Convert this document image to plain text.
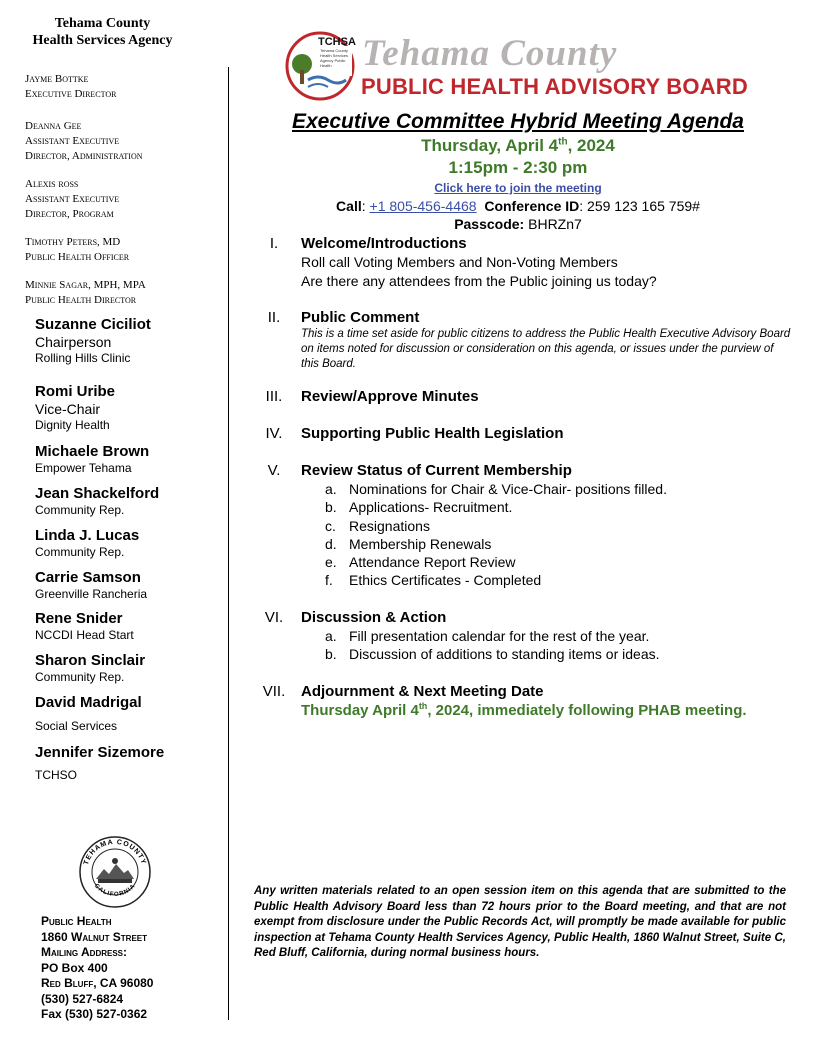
Tehama County
Health Services Agency
Jayme Bottke
Executive Director
Deanna Gee
Assistant Executive
Director, Administration
Alexis ross
Assistant Executive
Director, Program
Timothy Peters, MD
Public Health Officer
Minnie Sagar, MPH, MPA
Public Health Director
Suzanne Ciciliot
Chairperson
Rolling Hills Clinic
Romi Uribe
Vice-Chair
Dignity Health
Michaele Brown
Empower Tehama
Jean Shackelford
Community Rep.
Linda J. Lucas
Community Rep.
Carrie Samson
Greenville Rancheria
Rene Snider
NCCDI Head Start
Sharon Sinclair
Community Rep.
David Madrigal
Social Services
Jennifer Sizemore
TCHSO
TEHAMA COUNTY
CALIFORNIA
Public Health
1860 Walnut Street
Mailing Address:
PO Box 400
Red Bluff, CA 96080
(530) 527-6824
Fax (530) 527-0362
TCHSA
Tehama County Health Services Agency Public Health Tehama County
PUBLIC HEALTH ADVISORY BOARD
Executive Committee Hybrid Meeting Agenda
Thursday, April 4th, 2024
1:15pm - 2:30 pm
Click here to join the meeting
Call: +1 805-456-4468 Conference ID: 259 123 165 759#
Passcode: BHRZn7
I.	Welcome/Introductions
Roll call Voting Members and Non-Voting Members
Are there any attendees from the Public joining us today?
II.	Public Comment
This is a time set aside for public citizens to address the Public Health Executive Advisory Board on items noted for discussion or consideration on this agenda, or issues under the purview of this Board.
III.	Review/Approve Minutes
IV.	Supporting Public Health Legislation
V.	Review Status of Current Membership
a. Nominations for Chair & Vice-Chair- positions filled.
b. Applications- Recruitment.
c. Resignations
d. Membership Renewals
e. Attendance Report Review
f.	Ethics Certificates - Completed
VI.	Discussion & Action
a. Fill presentation calendar for the rest of the year.
b. Discussion of additions to standing items or ideas.
VII.	Adjournment & Next Meeting Date
Thursday April 4th, 2024, immediately following PHAB meeting.
Any written materials related to an open session item on this agenda that are submitted to the Public Health Advisory Board less than 72 hours prior to the Board meeting, and that are not exempt from disclosure under the Public Records Act, will promptly be made available for public inspection at Tehama County Health Services Agency, Public Health, 1860 Walnut Street, Suite C, Red Bluff, California, during normal business hours.
